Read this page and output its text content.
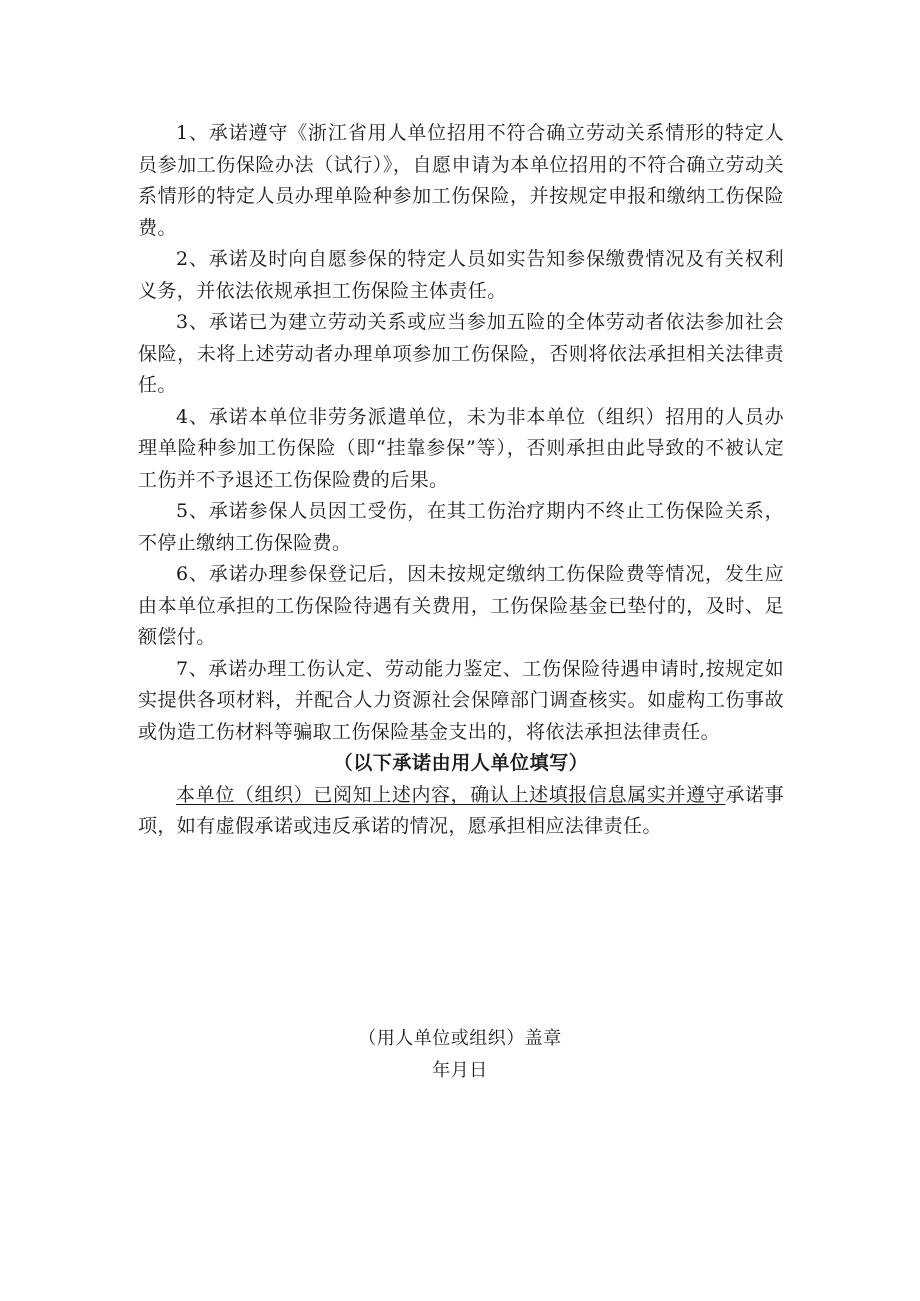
1、承诺遵守《浙江省用人单位招用不符合确立劳动关系情形的特定人员参加工伤保险办法（试行）》，自愿申请为本单位招用的不符合确立劳动关系情形的特定人员办理单险种参加工伤保险，并按规定申报和缴纳工伤保险费。

2、承诺及时向自愿参保的特定人员如实告知参保缴费情况及有关权利义务，并依法依规承担工伤保险主体责任。

3、承诺已为建立劳动关系或应当参加五险的全体劳动者依法参加社会保险，未将上述劳动者办理单项参加工伤保险，否则将依法承担相关法律责任。

4、承诺本单位非劳务派遣单位，未为非本单位（组织）招用的人员办理单险种参加工伤保险（即“挂靠参保”等），否则承担由此导致的不被认定工伤并不予退还工伤保险费的后果。

5、承诺参保人员因工受伤，在其工伤治疗期内不终止工伤保险关系，不停止缴纳工伤保险费。

6、承诺办理参保登记后，因未按规定缴纳工伤保险费等情况，发生应由本单位承担的工伤保险待遇有关费用，工伤保险基金已垫付的，及时、足额偿付。

7、承诺办理工伤认定、劳动能力鉴定、工伤保险待遇申请时,按规定如实提供各项材料，并配合人力资源社会保障部门调查核实。如虚构工伤事故或伪造工伤材料等骗取工伤保险基金支出的，将依法承担法律责任。

（以下承诺由用人单位填写）

本单位（组织）已阅知上述内容，确认上述填报信息属实并遵守承诺事项，如有虚假承诺或违反承诺的情况，愿承担相应法律责任。

（用人单位或组织）盖章
年月日
